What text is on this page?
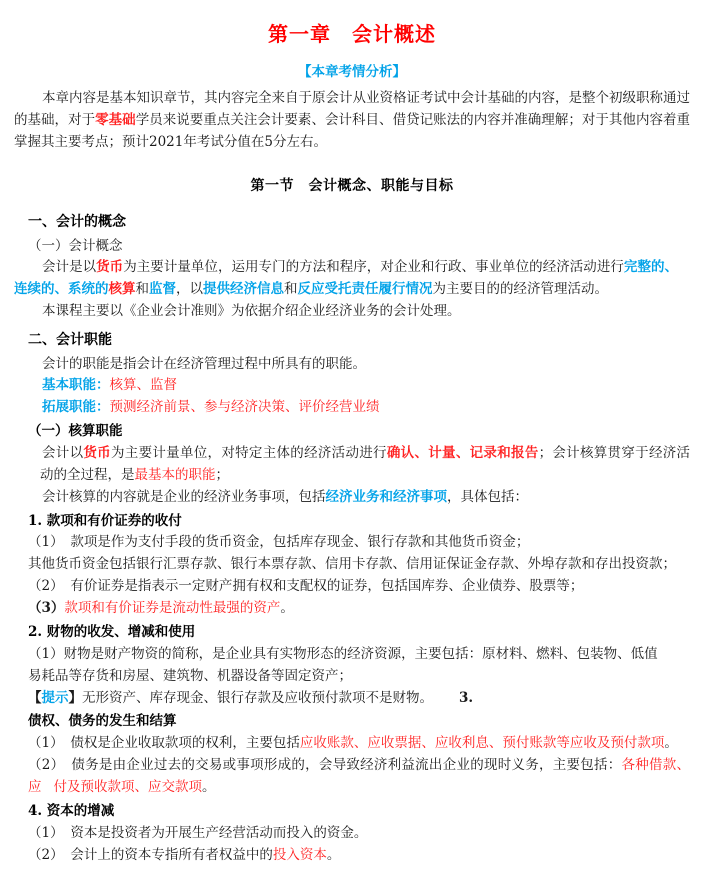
第一章　会计概述
【本章考情分析】

本章内容是基本知识章节，其内容完全来自于原会计从业资格证考试中会计基础的内容，是整个初级职称通过的基础，对于零基础学员来说要重点关注会计要素、会计科目、借贷记账法的内容并准确理解；对于其他内容着重掌握其主要考点；预计2021年考试分值在5分左右。

第一节　会计概念、职能与目标
一、会计的概念
（一）会计概念

会计是以货币为主要计量单位，运用专门的方法和程序，对企业和行政、事业单位的经济活动进行完整的、连续的、系统的核算和监督，以提供经济信息和反应受托责任履行情况为主要目的的经济管理活动。

本课程主要以《企业会计准则》为依据介绍企业经济业务的会计处理。

二、会计职能

会计的职能是指会计在经济管理过程中所具有的职能。

基本职能：核算、监督

拓展职能：预测经济前景、参与经济决策、评价经营业绩

（一）核算职能

会计以货币为主要计量单位，对特定主体的经济活动进行确认、计量、记录和报告；会计核算贯穿于经济活动的全过程，是最基本的职能；

会计核算的内容就是企业的经济业务事项，包括经济业务和经济事项，具体包括：

1. 款项和有价证券的收付

（1）　款项是作为支付手段的货币资金，包括库存现金、银行存款和其他货币资金；

其他货币资金包括银行汇票存款、银行本票存款、信用卡存款、信用证保证金存款、外埠存款和存出投资款；

（2）　有价证券是指表示一定财产拥有权和支配权的证券，包括国库券、企业债券、股票等；

（3）款项和有价证券是流动性最强的资产。

2. 财物的收发、增减和使用

（1）财物是财产物资的简称，是企业具有实物形态的经济资源，主要包括：原材料、燃料、包装物、低值

易耗品等存货和房屋、建筑物、机器设备等固定资产；

【提示】无形资产、库存现金、银行存款及应收预付款项不是财物。 3.

债权、债务的发生和结算

（1）　债权是企业收取款项的权利，主要包括应收账款、应收票据、应收利息、预付账款等应收及预付款项。

（2）　债务是由企业过去的交易或事项形成的，会导致经济利益流出企业的现时义务，主要包括：各种借款、应 付及预收款项、应交款项。

4. 资本的增减

（1）　资本是投资者为开展生产经营活动而投入的资金。

（2）　会计上的资本专指所有者权益中的投入资本。
